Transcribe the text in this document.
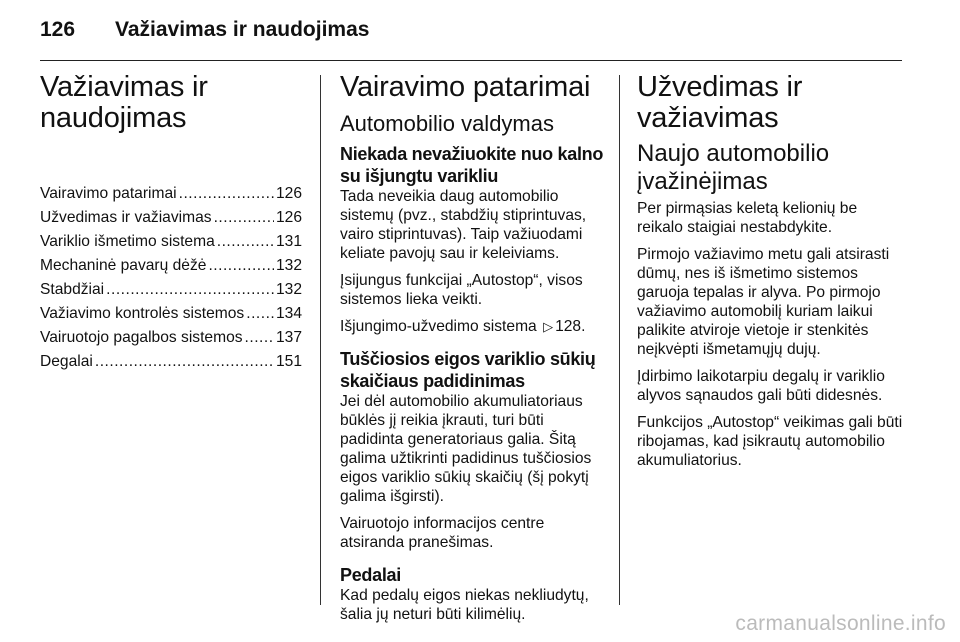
126 Važiavimas ir naudojimas
Važiavimas ir
naudojimas
Vairavimo patarimai .....	126
Užvedimas ir važiavimas .....	126
Variklio išmetimo sistema .....	131
Mechaninė pavarų dėžė .....	132
Stabdžiai .....	132
Važiavimo kontrolės sistemos ..... 134
Vairuotojo pagalbos sistemos ..... 137
Degalai .....	151
Vairavimo patarimai
Automobilio valdymas
Niekada nevažiuokite nuo kalno su išjungtu varikliu

Tada neveikia daug automobilio sistemų (pvz., stabdžių stiprintuvas, vairo stiprintuvas). Taip važiuodami keliate pavojų sau ir keleiviams.

Įsijungus funkcijai „Autostop“, visos sistemos lieka veikti.

Išjungimo-užvedimo sistema ▷ 128.

Tuščiosios eigos variklio sūkių skaičiaus padidinimas

Jei dėl automobilio akumuliatoriaus būklės jį reikia įkrauti, turi būti padidinta generatoriaus galia. Šitą galima užtikrinti padidinus tuščiosios eigos variklio sūkių skaičių (šį pokytį galima išgirsti).

Vairuotojo informacijos centre atsiranda pranešimas.

Pedalai

Kad pedalų eigos niekas nekliudytų, šalia jų neturi būti kilimėlių.

Užvedimas ir
važiavimas
Naujo automobilio
įvažinėjimas

Per pirmąsias keletą kelionių be reikalo staigiai nestabdykite.

Pirmojo važiavimo metu gali atsirasti dūmų, nes iš išmetimo sistemos garuoja tepalas ir alyva. Po pirmojo važiavimo automobilį kuriam laikui palikite atviroje vietoje ir stenkitės neįkvėpti išmetamųjų dujų.

Įdirbimo laikotarpiu degalų ir variklio alyvos sąnaudos gali būti didesnės.

Funkcijos „Autostop“ veikimas gali būti ribojamas, kad įsikrautų automobilio akumuliatorius.

carmanualsonline.info
